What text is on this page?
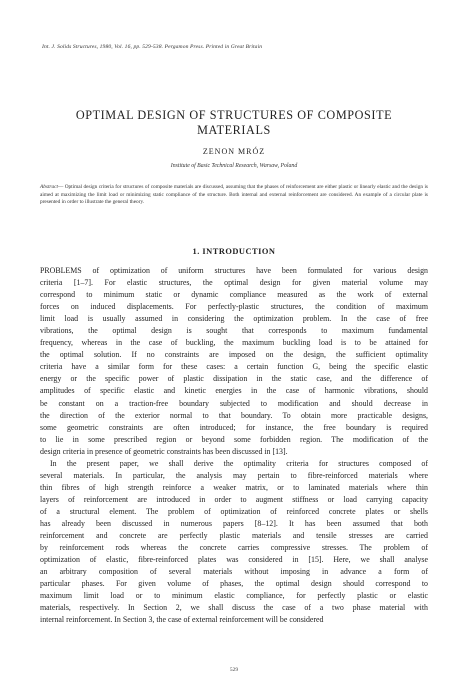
Int. J. Solids Structures, 1980, Vol. 16, pp. 529-538. Pergamon Press. Printed in Great Britain
OPTIMAL DESIGN OF STRUCTURES OF COMPOSITE MATERIALS
ZENON MRÓZ
Institute of Basic Technical Research, Warsaw, Poland
Abstract— Optimal design criteria for structures of composite materials are discussed, assuming that the phases of reinforcement are either plastic or linearly elastic and the design is aimed at maximizing the limit load or minimizing static compliance of the structure. Both internal and external reinforcement are considered. An example of a circular plate is presented in order to illustrate the general theory.
1. INTRODUCTION
PROBLEMS of optimization of uniform structures have been formulated for various design
criteria [1–7]. For elastic structures, the optimal design for given material volume may
correspond to minimum static or dynamic compliance measured as the work of external
forces on induced displacements. For perfectly-plastic structures, the condition of maximum
limit load is usually assumed in considering the optimization problem. In the case of free
vibrations, the optimal design is sought that corresponds to maximum fundamental
frequency, whereas in the case of buckling, the maximum buckling load is to be attained for
the optimal solution. If no constraints are imposed on the design, the sufficient optimality
criteria have a similar form for these cases: a certain function G, being the specific elastic
energy or the specific power of plastic dissipation in the static case, and the difference of
amplitudes of specific elastic and kinetic energies in the case of harmonic vibrations, should
be constant on a traction-free boundary subjected to modification and should decrease in
the direction of the exterior normal to that boundary. To obtain more practicable designs,
some geometric constraints are often introduced; for instance, the free boundary is required
to lie in some prescribed region or beyond some forbidden region. The modification of the
design criteria in presence of geometric constraints has been discussed in [13].
In the present paper, we shall derive the optimality criteria for structures composed of
several materials. In particular, the analysis may pertain to fibre-reinforced materials where
thin fibres of high strength reinforce a weaker matrix, or to laminated materials where thin
layers of reinforcement are introduced in order to augment stiffness or load carrying capacity
of a structural element. The problem of optimization of reinforced concrete plates or shells
has already been discussed in numerous papers [8–12]. It has been assumed that both
reinforcement and concrete are perfectly plastic materials and tensile stresses are carried
by reinforcement rods whereas the concrete carries compressive stresses. The problem of
optimization of elastic, fibre-reinforced plates was considered in [15]. Here, we shall analyse
an arbitrary composition of several materials without imposing in advance a form of
particular phases. For given volume of phases, the optimal design should correspond to
maximum limit load or to minimum elastic compliance, for perfectly plastic or elastic
materials, respectively. In Section 2, we shall discuss the case of a two phase material with
internal reinforcement. In Section 3, the case of external reinforcement will be considered
529
